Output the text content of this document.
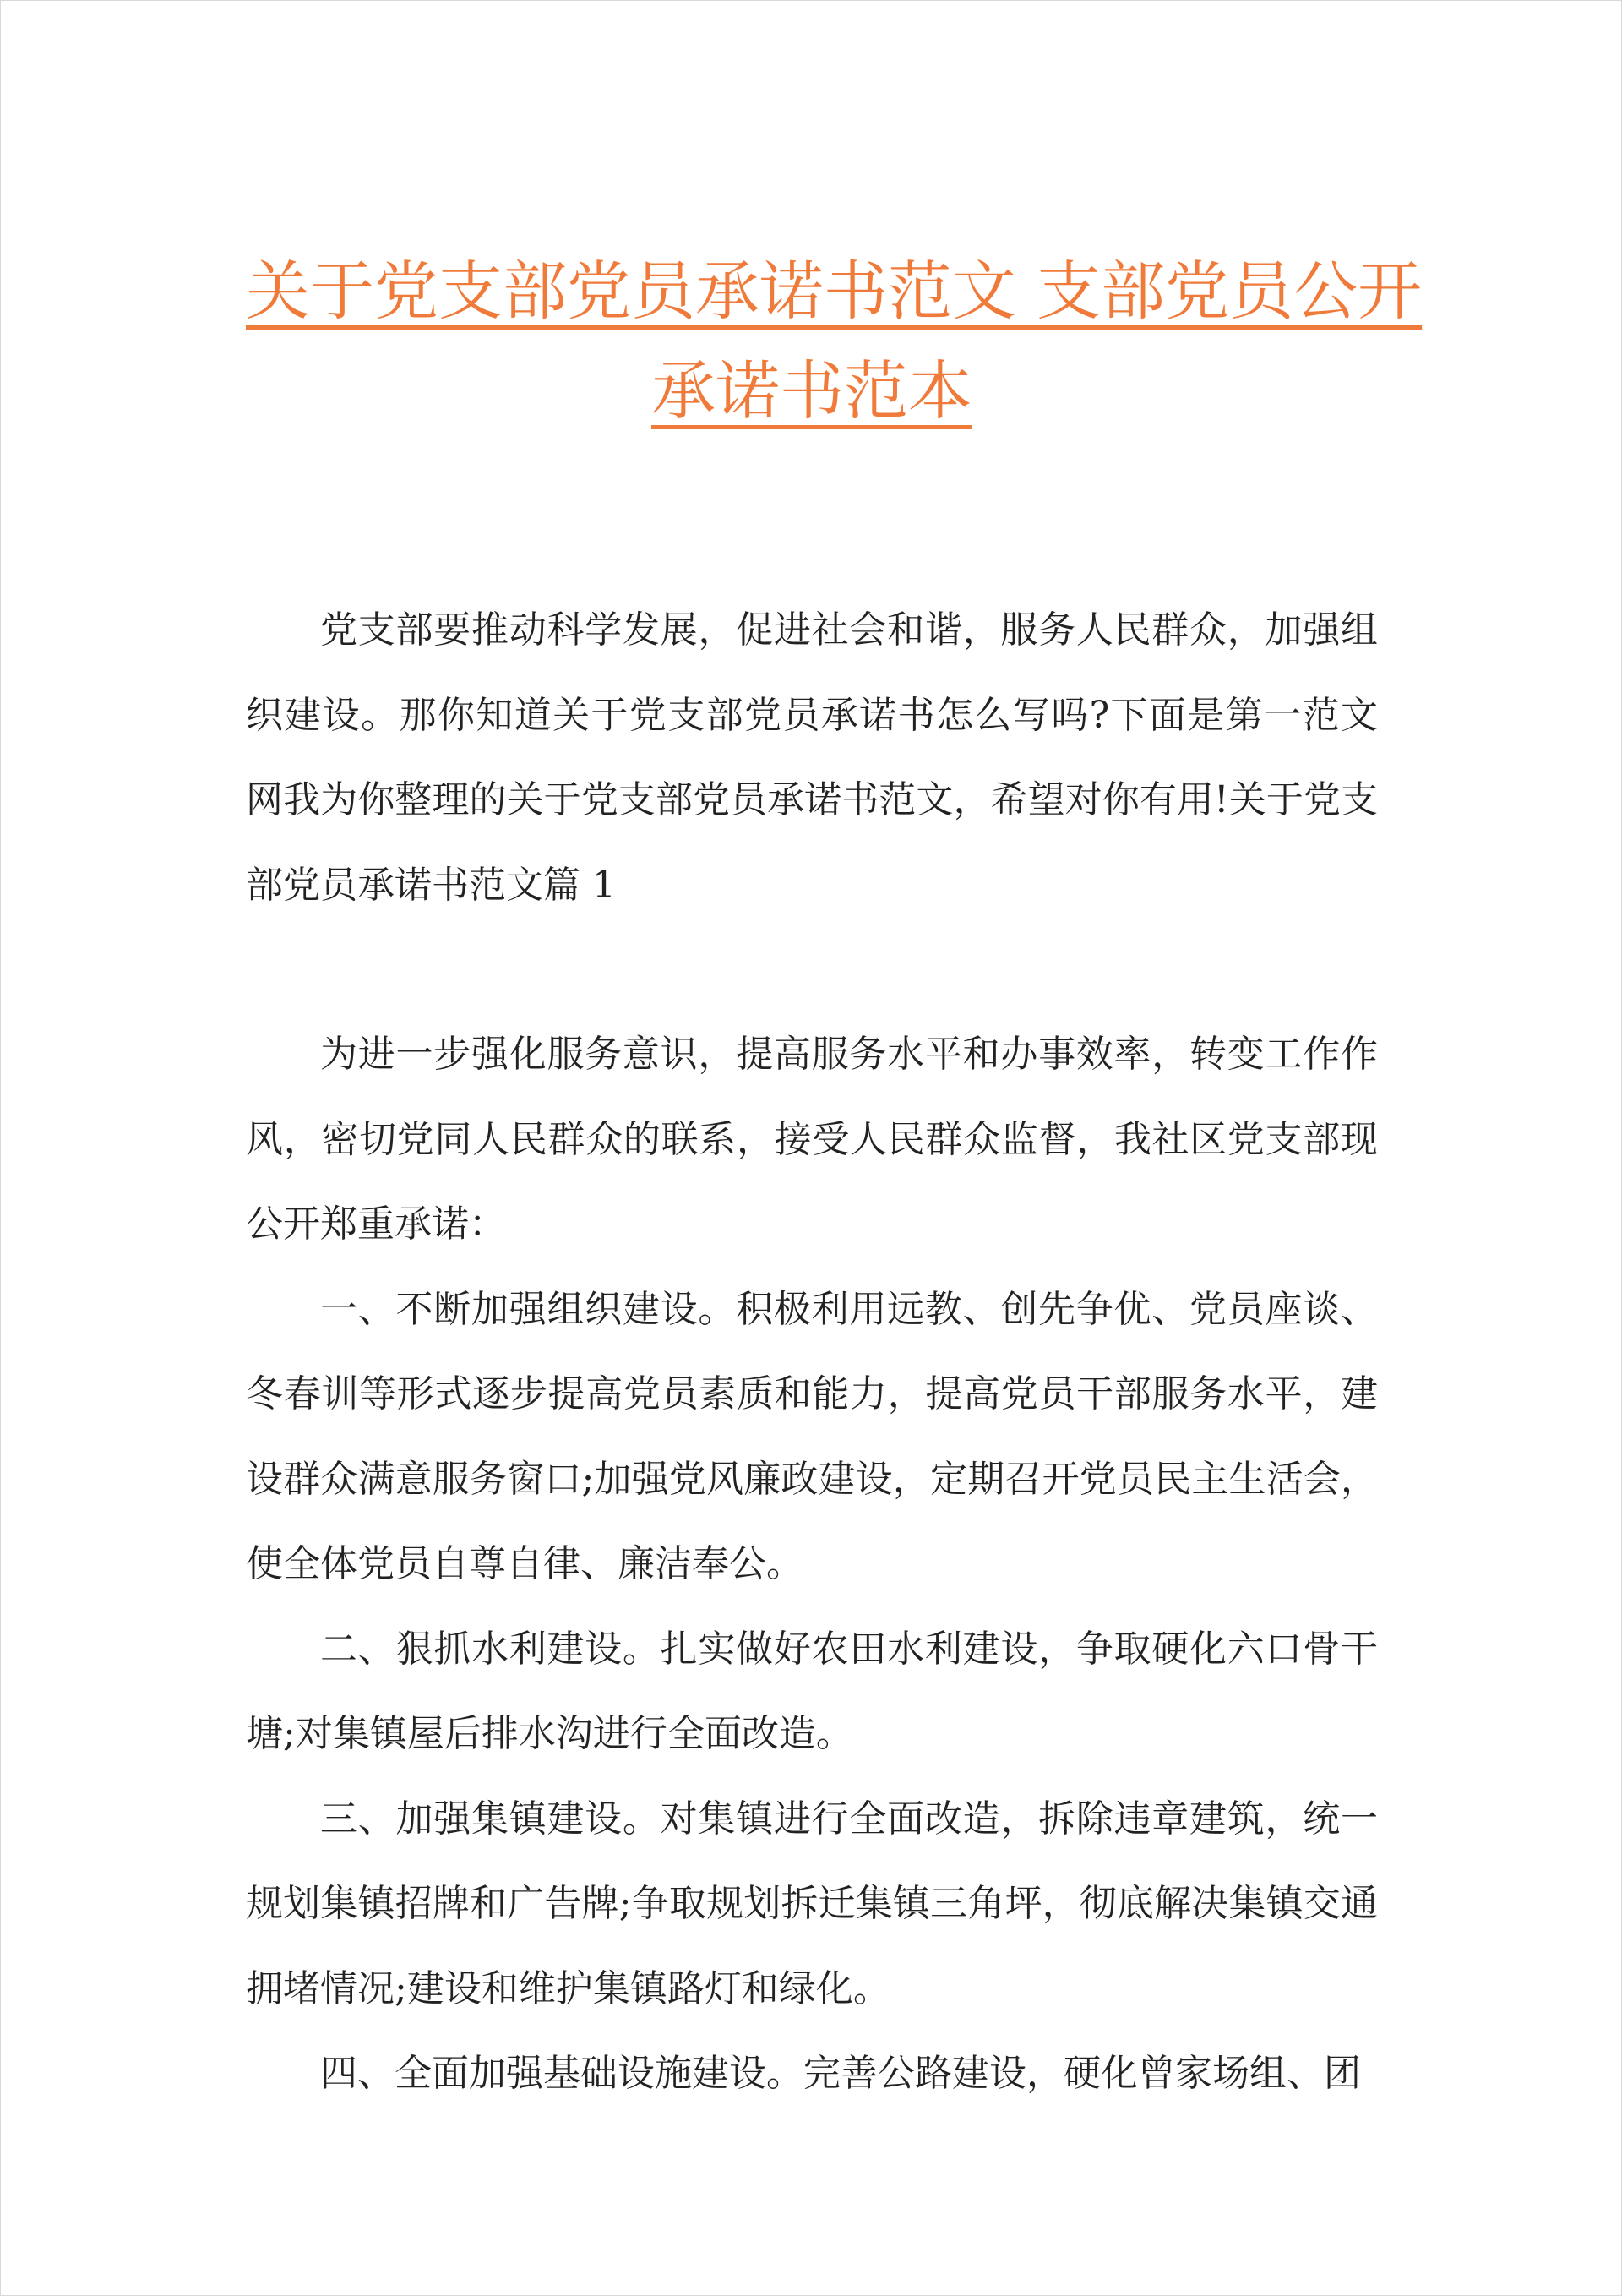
关于党支部党员承诺书范文 支部党员公开
承诺书范本

党支部要推动科学发展，促进社会和谐，服务人民群众，加强组织建设。那你知道关于党支部党员承诺书怎么写吗?下面是第一范文网我为你整理的关于党支部党员承诺书范文，希望对你有用!关于党支部党员承诺书范文篇 1

为进一步强化服务意识，提高服务水平和办事效率，转变工作作风，密切党同人民群众的联系，接受人民群众监督，我社区党支部现公开郑重承诺：

一、不断加强组织建设。积极利用远教、创先争优、党员座谈、冬春训等形式逐步提高党员素质和能力，提高党员干部服务水平，建设群众满意服务窗口;加强党风廉政建设，定期召开党员民主生活会，使全体党员自尊自律、廉洁奉公。

二、狠抓水利建设。扎实做好农田水利建设，争取硬化六口骨干塘;对集镇屋后排水沟进行全面改造。

三、加强集镇建设。对集镇进行全面改造，拆除违章建筑，统一规划集镇招牌和广告牌;争取规划拆迁集镇三角坪，彻底解决集镇交通拥堵情况;建设和维护集镇路灯和绿化。

四、全面加强基础设施建设。完善公路建设，硬化曾家场组、团
